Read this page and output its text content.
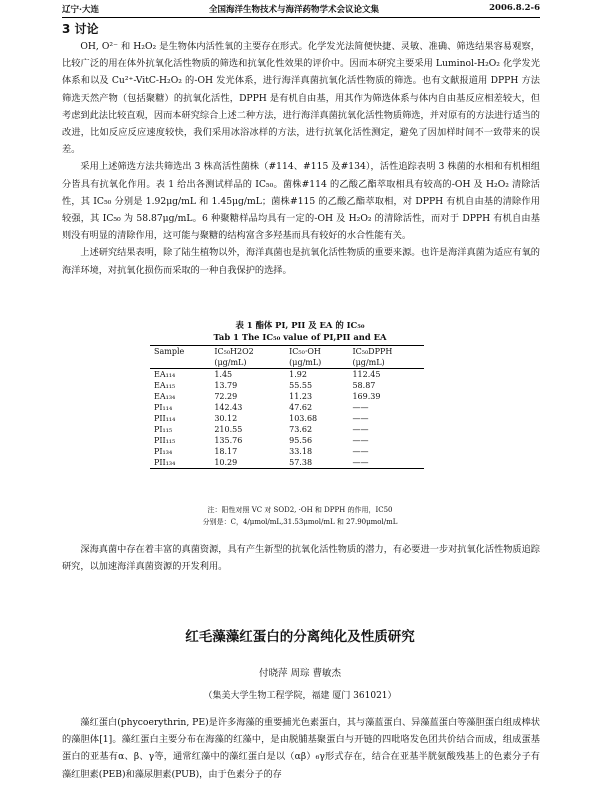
辽宁·大连	全国海洋生物技术与海洋药物学术会议论文集	2006.8.2-6
3 讨论

OH, O²⁻ 和 H₂O₂ 是生物体内活性氧的主要存在形式。化学发光法简便快捷、灵敏、准确、筛选结果容易观察，比较广泛的用在体外抗氧化活性物质的筛选和抗氧化性效果的评价中。因而本研究主要采用 Luminol-H₂O₂ 化学发光体系和以及 Cu²⁺-VitC-H₂O₂ 的-OH 发光体系，进行海洋真菌抗氧化活性物质的筛选。也有文献报道用 DPPH 方法筛选天然产物（包括聚糖）的抗氧化活性，DPPH 是有机自由基，用其作为筛选体系与体内自由基反应相差较大，但考虑到此法比较直观，因而本研究综合上述二种方法，进行海洋真菌抗氧化活性物质筛选，并对原有的方法进行适当的改进，比如反应反应速度较快，我们采用冰浴冰样的方法，进行抗氧化活性测定，避免了因加样时间不一致带来的误差。

采用上述筛选方法共筛选出 3 株高活性菌株（#114、#115 及#134），活性追踪表明 3 株菌的水相和有机相组分皆具有抗氧化作用。表 1 给出各测试样品的 IC₅₀。菌株#114 的乙酸乙酯萃取相具有较高的-OH 及 H₂O₂ 清除活性，其 IC₅₀ 分别是 1.92μg/mL 和 1.45μg/mL；菌株#115 的乙酸乙酯萃取相，对 DPPH 有机自由基的清除作用较强，其 IC₅₀ 为 58.87μg/mL。6 种聚糖样品均具有一定的-OH 及 H₂O₂ 的清除活性，而对于 DPPH 有机自由基则没有明显的清除作用，这可能与聚糖的结构富含多羟基而具有较好的水合性能有关。

上述研究结果表明，除了陆生植物以外，海洋真菌也是抗氧化活性物质的重要来源。也许是海洋真菌为适应有氧的海洋环境，对抗氧化损伤而采取的一种自我保护的选择。

表 1 酯体 PI, PII 及 EA 的 IC₅₀
Tab 1 The IC₅₀ value of PI,PII and EA
Sample	IC₅₀H2O2	IC₅₀·OH	IC₅₀DPPH
	(μg/mL)	(μg/mL)	(μg/mL)
EA₁₁₄	1.45	1.92	112.45
EA₁₁₅	13.79	55.55	58.87
EA₁₃₄	72.29	11.23	169.39
PI₁₁₄	142.43	47.62	——
PII₁₁₄	30.12	103.68	——
PI₁₁₅	210.55	73.62	——
PII₁₁₅	135.76	95.56	——
PI₁₃₄	18.17	33.18	——
PII₁₃₄	10.29	57.38	——
注：阳性对照 VC 对 SOD2, ·OH 和 DPPH 的作用，IC50
分别是：C，4/μmol/mL,31.53μmol/mL 和 27.90μmol/mL

深海真菌中存在着丰富的真菌资源，具有产生新型的抗氧化活性物质的潜力，有必要进一步对抗氧化活性物质追踪研究，以加速海洋真菌资源的开发利用。

红毛藻藻红蛋白的分离纯化及性质研究
付晓萍 周琮 曹敏杰
（集美大学生物工程学院，福建 厦门 361021）

藻红蛋白(phycoerythrin, PE)是许多海藻的重要捕光色素蛋白，其与藻蓝蛋白、异藻蓝蛋白等藻胆蛋白组成棒状的藻胆体[1]。藻红蛋白主要分布在海藻的红藻中，是由脱脯基聚蛋白与开链的四吡咯发色团共价结合而成，组成蛋基蛋白的亚基有α、β、γ等，通常红藻中的藻红蛋白是以（αβ）₆γ形式存在，结合在亚基半胱氨酸残基上的色素分子有藻红胆素(PEB)和藻尿胆素(PUB)，由于色素分子的存
